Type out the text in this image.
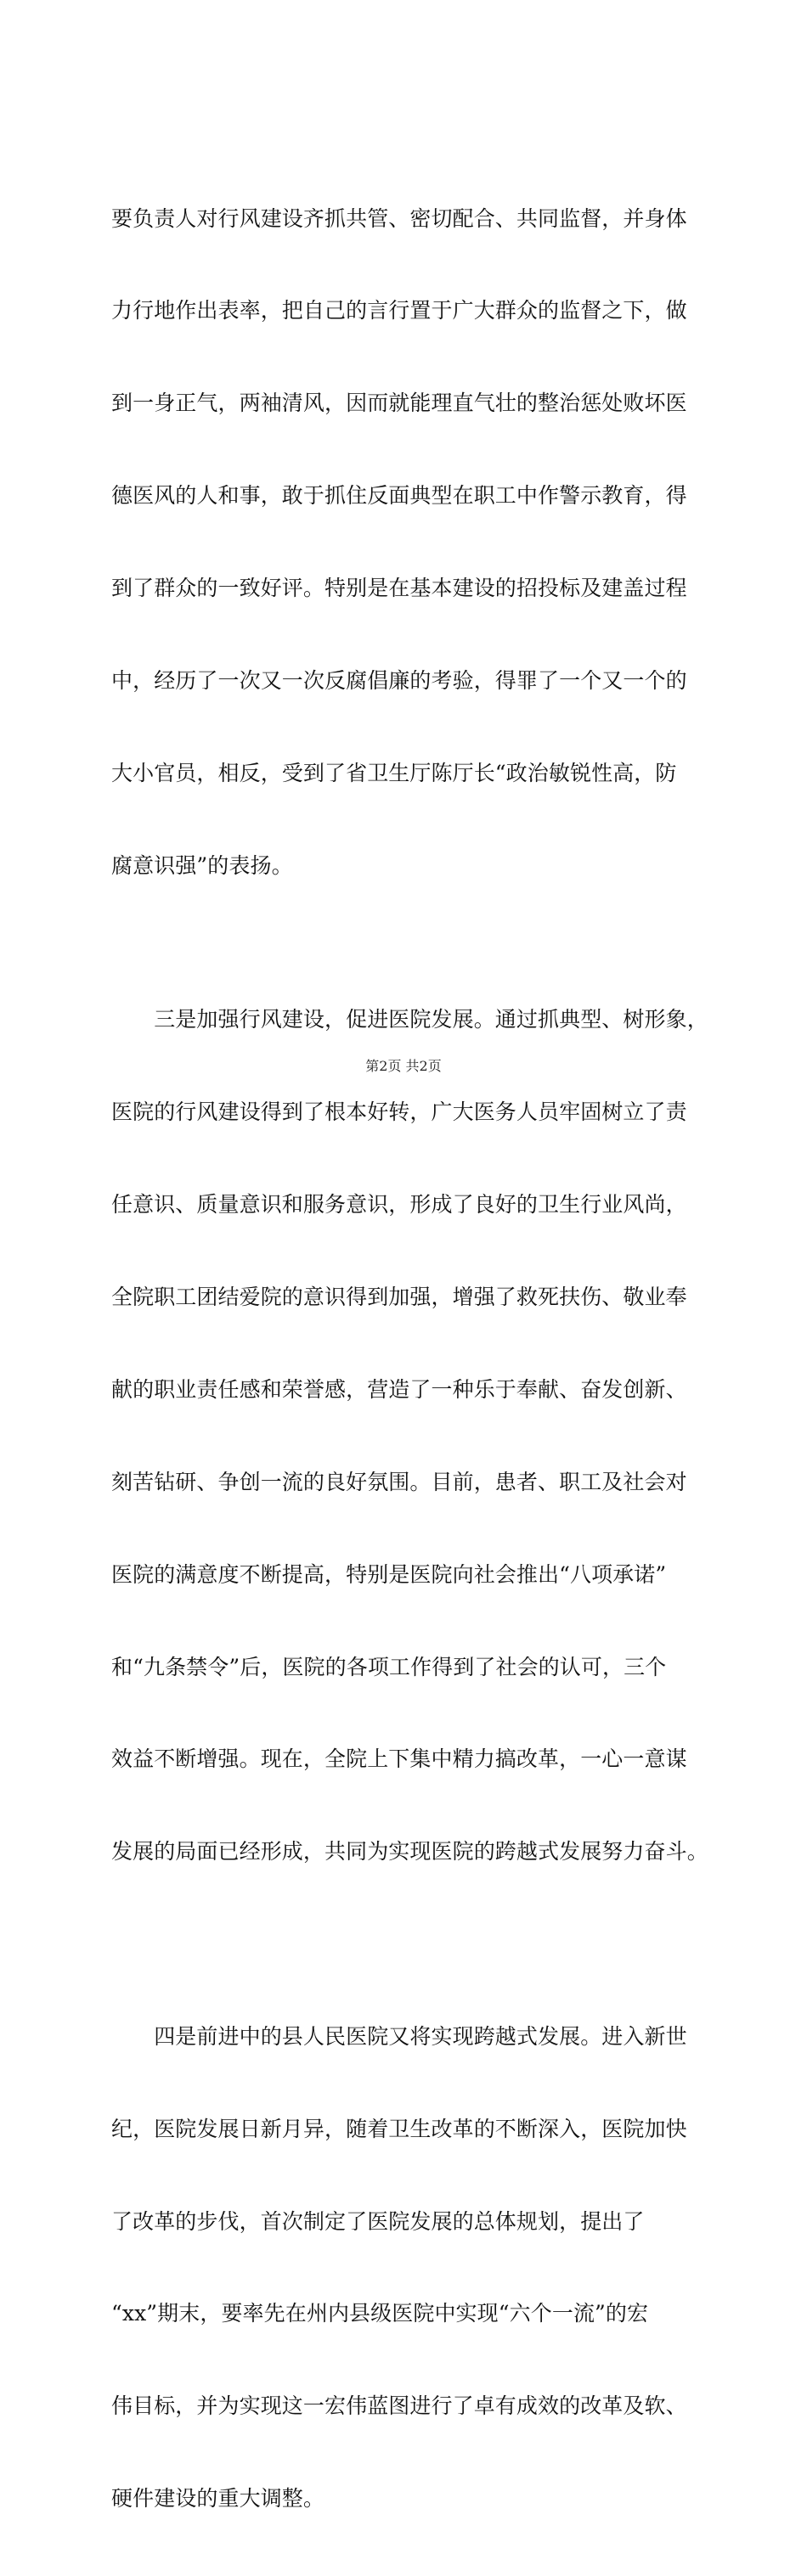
要负责人对行风建设齐抓共管、密切配合、共同监督，并身体

力行地作出表率，把自己的言行置于广大群众的监督之下，做

到一身正气，两袖清风，因而就能理直气壮的整治惩处败坏医

德医风的人和事，敢于抓住反面典型在职工中作警示教育，得

到了群众的一致好评。特别是在基本建设的招投标及建盖过程

中，经历了一次又一次反腐倡廉的考验，得罪了一个又一个的

大小官员，相反，受到了省卫生厅陈厅长“政治敏锐性高，防

腐意识强”的表扬。

　　三是加强行风建设，促进医院发展。通过抓典型、树形象，

医院的行风建设得到了根本好转，广大医务人员牢固树立了责

任意识、质量意识和服务意识，形成了良好的卫生行业风尚，

全院职工团结爱院的意识得到加强，增强了救死扶伤、敬业奉

献的职业责任感和荣誉感，营造了一种乐于奉献、奋发创新、

刻苦钻研、争创一流的良好氛围。目前，患者、职工及社会对

医院的满意度不断提高，特别是医院向社会推出“八项承诺”

和“九条禁令”后，医院的各项工作得到了社会的认可，三个

效益不断增强。现在，全院上下集中精力搞改革，一心一意谋

发展的局面已经形成，共同为实现医院的跨越式发展努力奋斗。

　　四是前进中的县人民医院又将实现跨越式发展。进入新世

纪，医院发展日新月异，随着卫生改革的不断深入，医院加快

了改革的步伐，首次制定了医院发展的总体规划，提出了

“xx”期末，要率先在州内县级医院中实现“六个一流”的宏

伟目标，并为实现这一宏伟蓝图进行了卓有成效的改革及软、

硬件建设的重大调整。

第2页 共2页
